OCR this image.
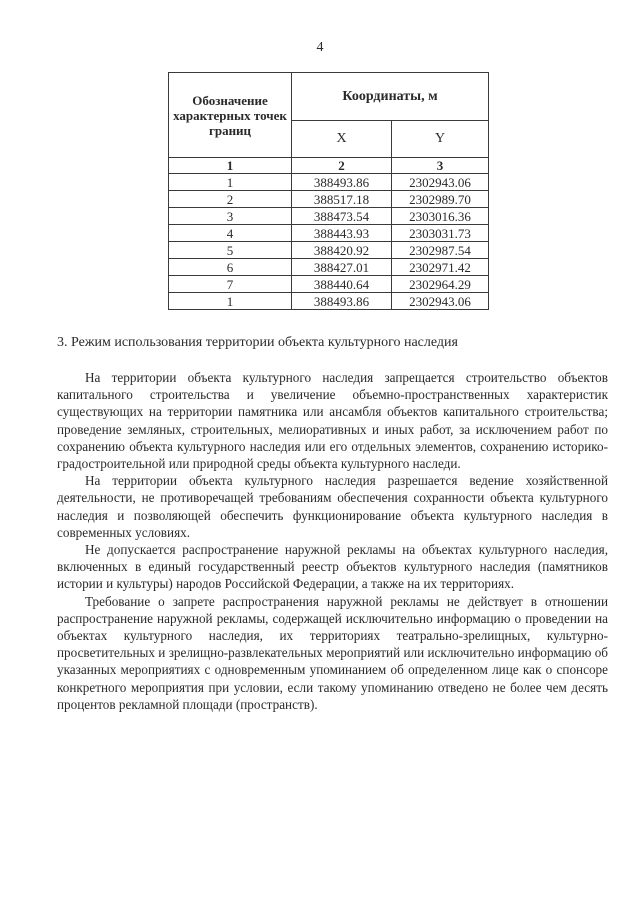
4
Обозначение характерных точек границ	Координаты, м	
	X	Y
1	2	3
1	388493.86	2302943.06
2	388517.18	2302989.70
3	388473.54	2303016.36
4	388443.93	2303031.73
5	388420.92	2302987.54
6	388427.01	2302971.42
7	388440.64	2302964.29
1	388493.86	2302943.06
3. Режим использования территории объекта культурного наследия

На территории объекта культурного наследия запрещается строительство объектов капитального строительства и увеличение объемно-пространственных характеристик существующих на территории памятника или ансамбля объектов капитального строительства; проведение земляных, строительных, мелиоративных и иных работ, за исключением работ по сохранению объекта культурного наследия или его отдельных элементов, сохранению историко-градостроительной или природной среды объекта культурного наследи.

На территории объекта культурного наследия разрешается ведение хозяйственной деятельности, не противоречащей требованиям обеспечения сохранности объекта культурного наследия и позволяющей обеспечить функционирование объекта культурного наследия в современных условиях.

Не допускается распространение наружной рекламы на объектах культурного наследия, включенных в единый государственный реестр объектов культурного наследия (памятников истории и культуры) народов Российской Федерации, а также на их территориях.

Требование о запрете распространения наружной рекламы не действует в отношении распространение наружной рекламы, содержащей исключительно информацию о проведении на объектах культурного наследия, их территориях театрально-зрелищных, культурно-просветительных и зрелищно-развлекательных мероприятий или исключительно информацию об указанных мероприятиях с одновременным упоминанием об определенном лице как о спонсоре конкретного мероприятия при условии, если такому упоминанию отведено не более чем десять процентов рекламной площади (пространств).
